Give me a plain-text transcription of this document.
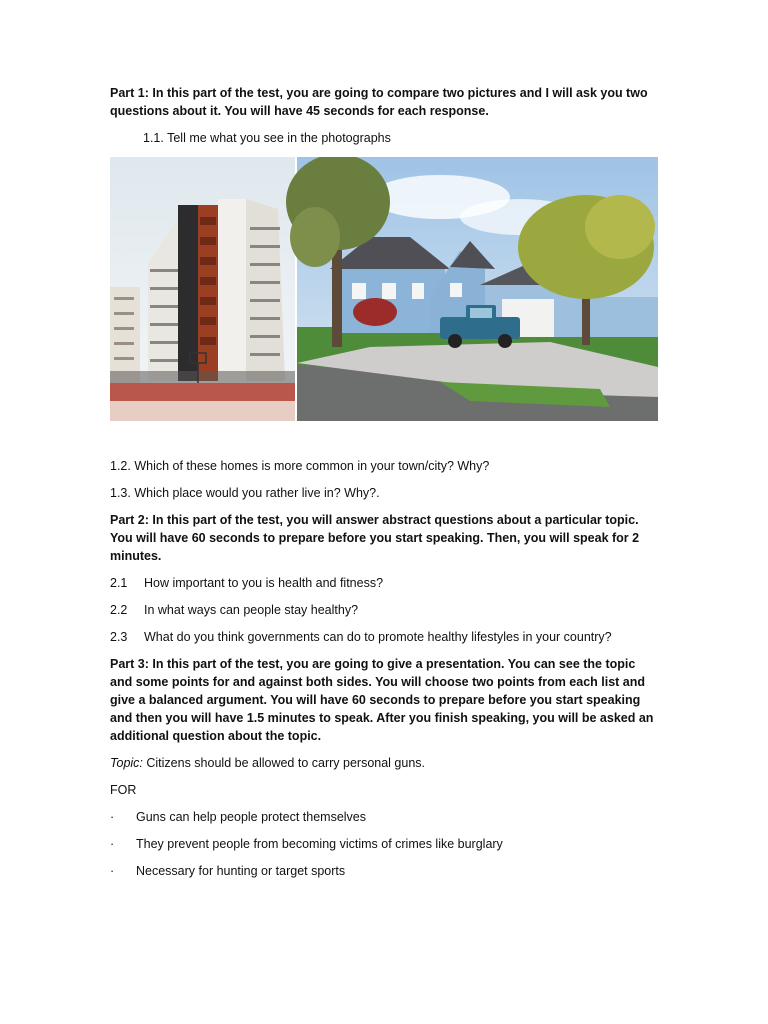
Part 1: In this part of the test, you are going to compare two pictures and I will ask you two questions about it. You will have 45 seconds for each response.

1.1. Tell me what you see in the photographs

1.2. Which of these homes is more common in your town/city? Why?

1.3. Which place would you rather live in? Why?.

Part 2: In this part of the test, you will answer abstract questions about a particular topic. You will have 60 seconds to prepare before you start speaking. Then, you will speak for 2 minutes.

2.1	How important to you is health and fitness?
2.2	In what ways can people stay healthy?
2.3	What do you think governments can do to promote healthy lifestyles in your country?

Part 3: In this part of the test, you are going to give a presentation. You can see the topic and some points for and against both sides. You will choose two points from each list and give a balanced argument. You will have 60 seconds to prepare before you start speaking and then you will have 1.5 minutes to speak. After you finish speaking, you will be asked an additional question about the topic.

Topic: Citizens should be allowed to carry personal guns.

FOR

·	Guns can help people protect themselves
·	They prevent people from becoming victims of crimes like burglary
·	Necessary for hunting or target sports
